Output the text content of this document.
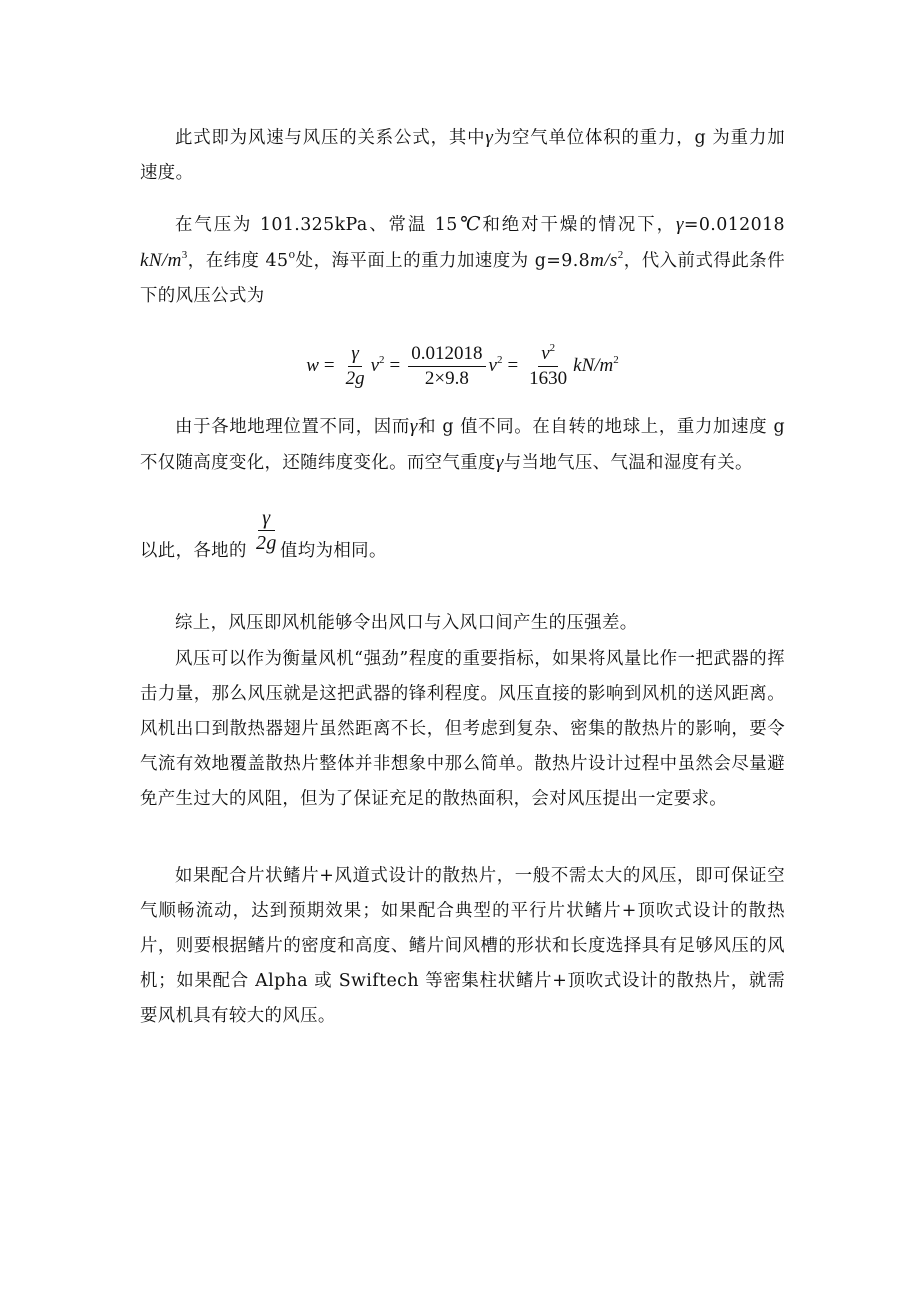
此式即为风速与风压的关系公式，其中γ为空气单位体积的重力，g 为重力加速度。

在气压为 101.325kPa、常温 15℃和绝对干燥的情况下，γ=0.012018 $kN/m^3$，在纬度 45$^o$处，海平面上的重力加速度为 $g=9.8m/s^2$，代入前式得此条件下的风压公式为

$w = \frac{\gamma}{2g} v^2 = \frac{0.012018}{2\times 9.8} v^2 = \frac{v^2}{1630} kN/m^2$

由于各地地理位置不同，因而γ和 g 值不同。在自转的地球上，重力加速度 g 不仅随高度变化，还随纬度变化。而空气重度γ与当地气压、气温和湿度有关。

以此，各地的 $\frac{\gamma}{2g}$ 值均为相同。

综上，风压即风机能够令出风口与入风口间产生的压强差。

风压可以作为衡量风机“强劲”程度的重要指标，如果将风量比作一把武器的挥击力量，那么风压就是这把武器的锋利程度。风压直接的影响到风机的送风距离。风机出口到散热器翅片虽然距离不长，但考虑到复杂、密集的散热片的影响，要令气流有效地覆盖散热片整体并非想象中那么简单。散热片设计过程中虽然会尽量避免产生过大的风阻，但为了保证充足的散热面积，会对风压提出一定要求。

如果配合片状鳍片+风道式设计的散热片，一般不需太大的风压，即可保证空气顺畅流动，达到预期效果；如果配合典型的平行片状鳍片+顶吹式设计的散热片，则要根据鳍片的密度和高度、鳍片间风槽的形状和长度选择具有足够风压的风机；如果配合 Alpha 或 Swiftech 等密集柱状鳍片+顶吹式设计的散热片，就需要风机具有较大的风压。
